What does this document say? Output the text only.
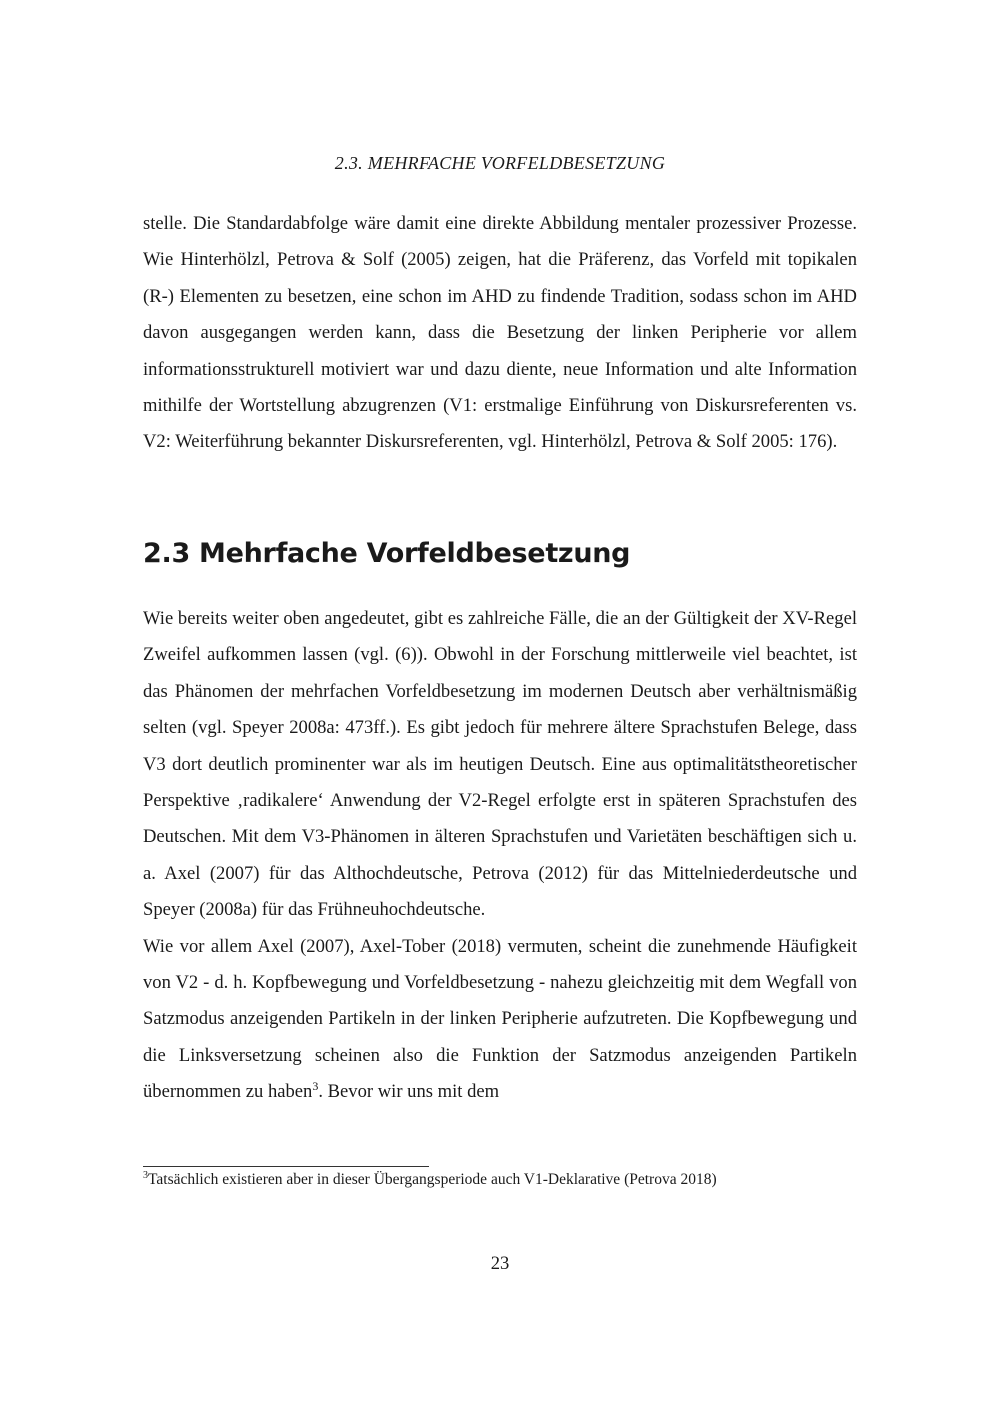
2.3. MEHRFACHE VORFELDBESETZUNG

stelle. Die Standardabfolge wäre damit eine direkte Abbildung mentaler prozessiver Prozesse. Wie Hinterhölzl, Petrova & Solf (2005) zeigen, hat die Präferenz, das Vorfeld mit topikalen (R-) Elementen zu besetzen, eine schon im AHD zu findende Tradition, sodass schon im AHD davon ausgegangen werden kann, dass die Besetzung der linken Peripherie vor allem informationsstrukturell motiviert war und dazu diente, neue Information und alte Information mithilfe der Wortstellung abzugrenzen (V1: erstmalige Einführung von Diskursreferenten vs. V2: Weiterführung bekannter Diskursreferenten, vgl. Hinterhölzl, Petrova & Solf 2005: 176).

2.3 Mehrfache Vorfeldbesetzung

Wie bereits weiter oben angedeutet, gibt es zahlreiche Fälle, die an der Gültigkeit der XV-Regel Zweifel aufkommen lassen (vgl. (6)). Obwohl in der Forschung mittlerweile viel beachtet, ist das Phänomen der mehrfachen Vorfeldbesetzung im modernen Deutsch aber verhältnismäßig selten (vgl. Speyer 2008a: 473ff.). Es gibt jedoch für mehrere ältere Sprachstufen Belege, dass V3 dort deutlich prominenter war als im heutigen Deutsch. Eine aus optimalitätstheoretischer Perspektive ‚radikalere‘ Anwendung der V2-Regel erfolgte erst in späteren Sprachstufen des Deutschen. Mit dem V3-Phänomen in älteren Sprachstufen und Varietäten beschäftigen sich u. a. Axel (2007) für das Althochdeutsche, Petrova (2012) für das Mittelniederdeutsche und Speyer (2008a) für das Frühneuhochdeutsche.

Wie vor allem Axel (2007), Axel-Tober (2018) vermuten, scheint die zunehmende Häufigkeit von V2 - d. h. Kopfbewegung und Vorfeldbesetzung - nahezu gleichzeitig mit dem Wegfall von Satzmodus anzeigenden Partikeln in der linken Peripherie aufzutreten. Die Kopfbewegung und die Linksversetzung scheinen also die Funktion der Satzmodus anzeigenden Partikeln übernommen zu haben$^3$. Bevor wir uns mit dem

$^3$Tatsächlich existieren aber in dieser Übergangsperiode auch V1-Deklarative (Petrova 2018)
23
